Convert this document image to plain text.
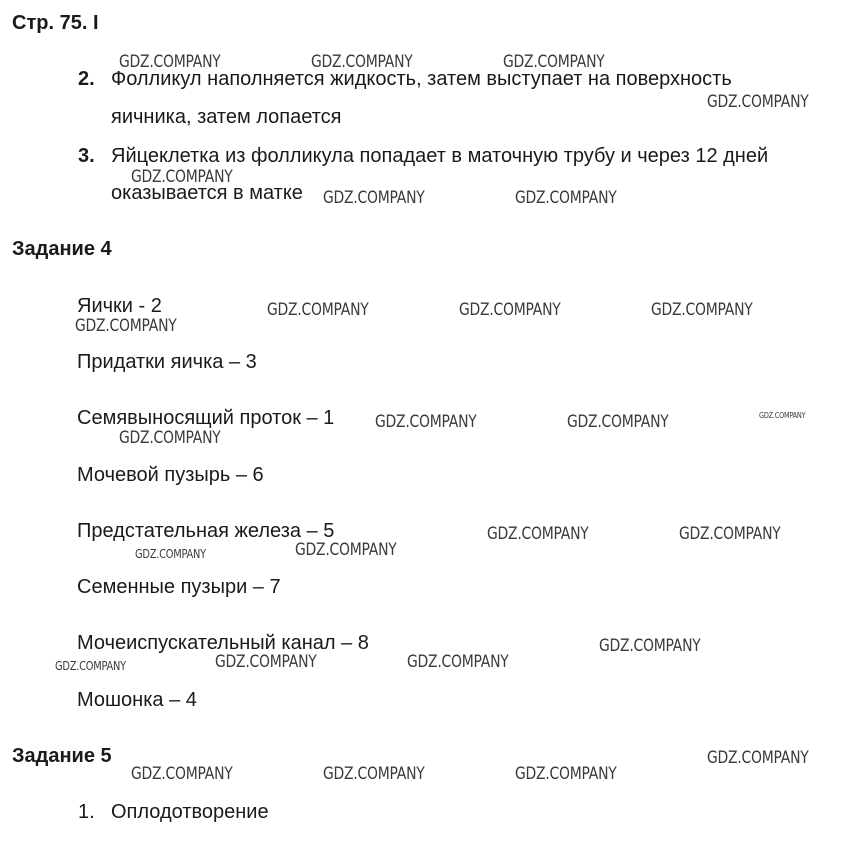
Стр. 75. I
2. Фолликул наполняется жидкость, затем выступает на поверхность
яичника, затем лопается
3. Яйцеклетка из фолликула попадает в маточную трубу и через 12 дней
оказывается в матке
Задание 4
Яички - 2
Придатки яичка – 3
Семявыносящий проток – 1
Мочевой пузырь – 6
Предстательная железа – 5
Семенные пузыри – 7
Мочеиспускательный канал – 8
Мошонка – 4
Задание 5
1. Оплодотворение
GDZ.COMPANY	GDZ.COMPANY	GDZ.COMPANY
GDZ.COMPANY
GDZ.COMPANY
GDZ.COMPANY	GDZ.COMPANY
GDZ.COMPANY	GDZ.COMPANY	GDZ.COMPANY
GDZ.COMPANY
GDZ.COMPANY	GDZ.COMPANY	GDZ.COMPANY
GDZ.COMPANY
GDZ.COMPANY	GDZ.COMPANY
GDZ.COMPANY
GDZ.COMPANY
GDZ.COMPANY
GDZ.COMPANY	GDZ.COMPANY
GDZ.COMPANY
GDZ.COMPANY
GDZ.COMPANY	GDZ.COMPANY	GDZ.COMPANY
